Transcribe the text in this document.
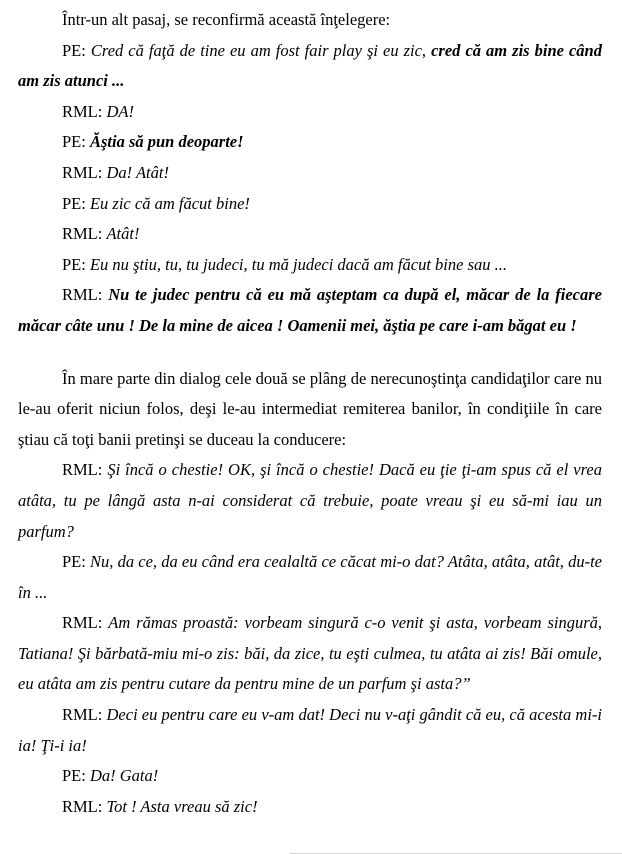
Într-un alt pasaj, se reconfirmă această înţelegere:

PE: Cred că faţă de tine eu am fost fair play şi eu zic, cred că am zis bine când am zis atunci ...

RML: DA!

PE: Ăştia să pun deoparte!

RML: Da! Atât!

PE: Eu zic că am făcut bine!

RML: Atât!

PE: Eu nu ştiu, tu, tu judeci, tu mă judeci dacă am făcut bine sau ...

RML: Nu te judec pentru că eu mă aşteptam ca după el, măcar de la fiecare măcar câte unu ! De la mine de aicea ! Oamenii mei, ăştia pe care i-am băgat eu !

În mare parte din dialog cele două se plâng de nerecunoştinţa candidaţilor care nu le-au oferit niciun folos, deşi le-au intermediat remiterea banilor, în condiţiile în care ştiau că toţi banii pretinşi se duceau la conducere:

RML: Şi încă o chestie! OK, şi încă o chestie! Dacă eu ţie ţi-am spus că el vrea atâta, tu pe lângă asta n-ai considerat că trebuie, poate vreau şi eu să-mi iau un parfum?

PE: Nu, da ce, da eu când era cealaltă ce căcat mi-o dat? Atâta, atâta, atât, du-te în ...

RML: Am rămas proastă: vorbeam singură c-o venit şi asta, vorbeam singură, Tatiana! Şi bărbată-miu mi-o zis: băi, da zice, tu eşti culmea, tu atâta ai zis! Băi omule, eu atâta am zis pentru cutare da pentru mine de un parfum şi asta?”

RML: Deci eu pentru care eu v-am dat! Deci nu v-aţi gândit că eu, că acesta mi-i ia! Ţi-i ia!

PE: Da! Gata!

RML: Tot ! Asta vreau să zic!
